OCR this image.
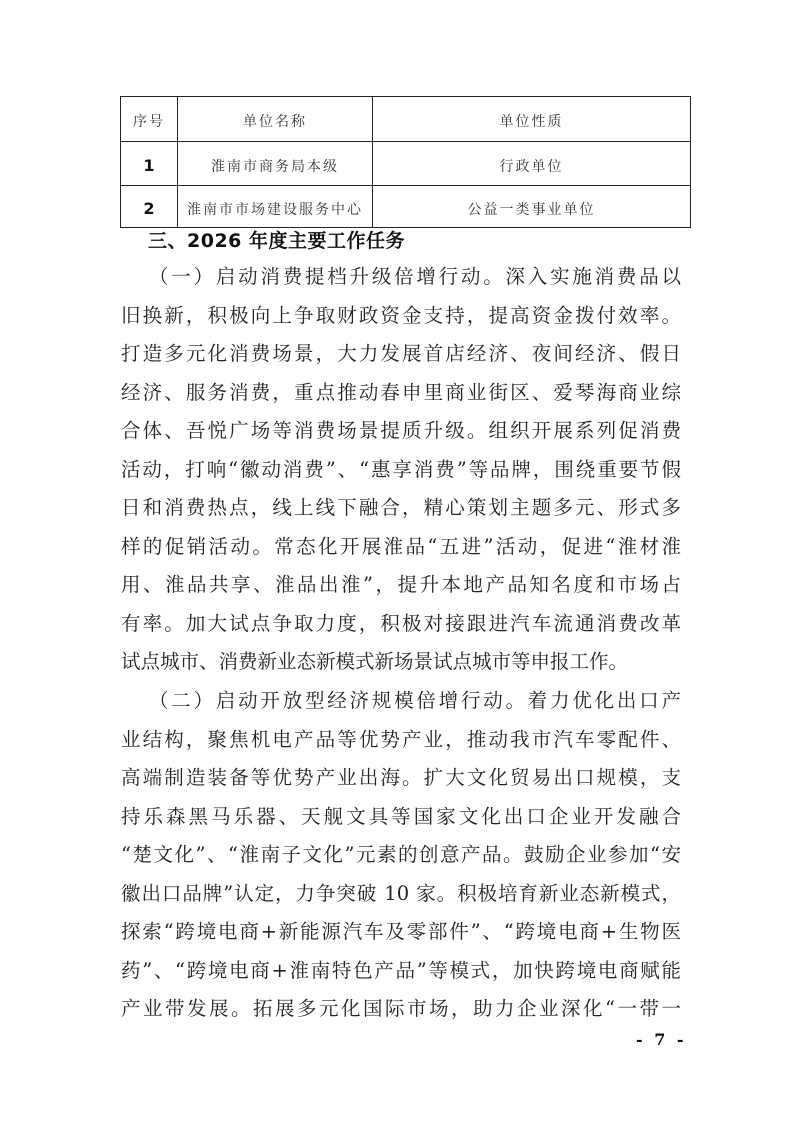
序号	单位名称	单位性质
1	淮南市商务局本级	行政单位
2	淮南市市场建设服务中心	公益一类事业单位
三、2026 年度主要工作任务
（一）启动消费提档升级倍增行动。深入实施消费品以
旧换新，积极向上争取财政资金支持，提高资金拨付效率。
打造多元化消费场景，大力发展首店经济、夜间经济、假日
经济、服务消费，重点推动春申里商业街区、爱琴海商业综
合体、吾悦广场等消费场景提质升级。组织开展系列促消费
活动，打响“徽动消费”、“惠享消费”等品牌，围绕重要节假
日和消费热点，线上线下融合，精心策划主题多元、形式多
样的促销活动。常态化开展淮品“五进”活动，促进“淮材淮
用、淮品共享、淮品出淮”，提升本地产品知名度和市场占
有率。加大试点争取力度，积极对接跟进汽车流通消费改革
试点城市、消费新业态新模式新场景试点城市等申报工作。
（二）启动开放型经济规模倍增行动。着力优化出口产
业结构，聚焦机电产品等优势产业，推动我市汽车零配件、
高端制造装备等优势产业出海。扩大文化贸易出口规模，支
持乐森黑马乐器、天舰文具等国家文化出口企业开发融合
“楚文化”、“淮南子文化”元素的创意产品。鼓励企业参加“安
徽出口品牌”认定，力争突破 10 家。积极培育新业态新模式，
探索“跨境电商+新能源汽车及零部件”、“跨境电商+生物医
药”、“跨境电商+淮南特色产品”等模式，加快跨境电商赋能
产业带发展。拓展多元化国际市场，助力企业深化“一带一
- 7 -
